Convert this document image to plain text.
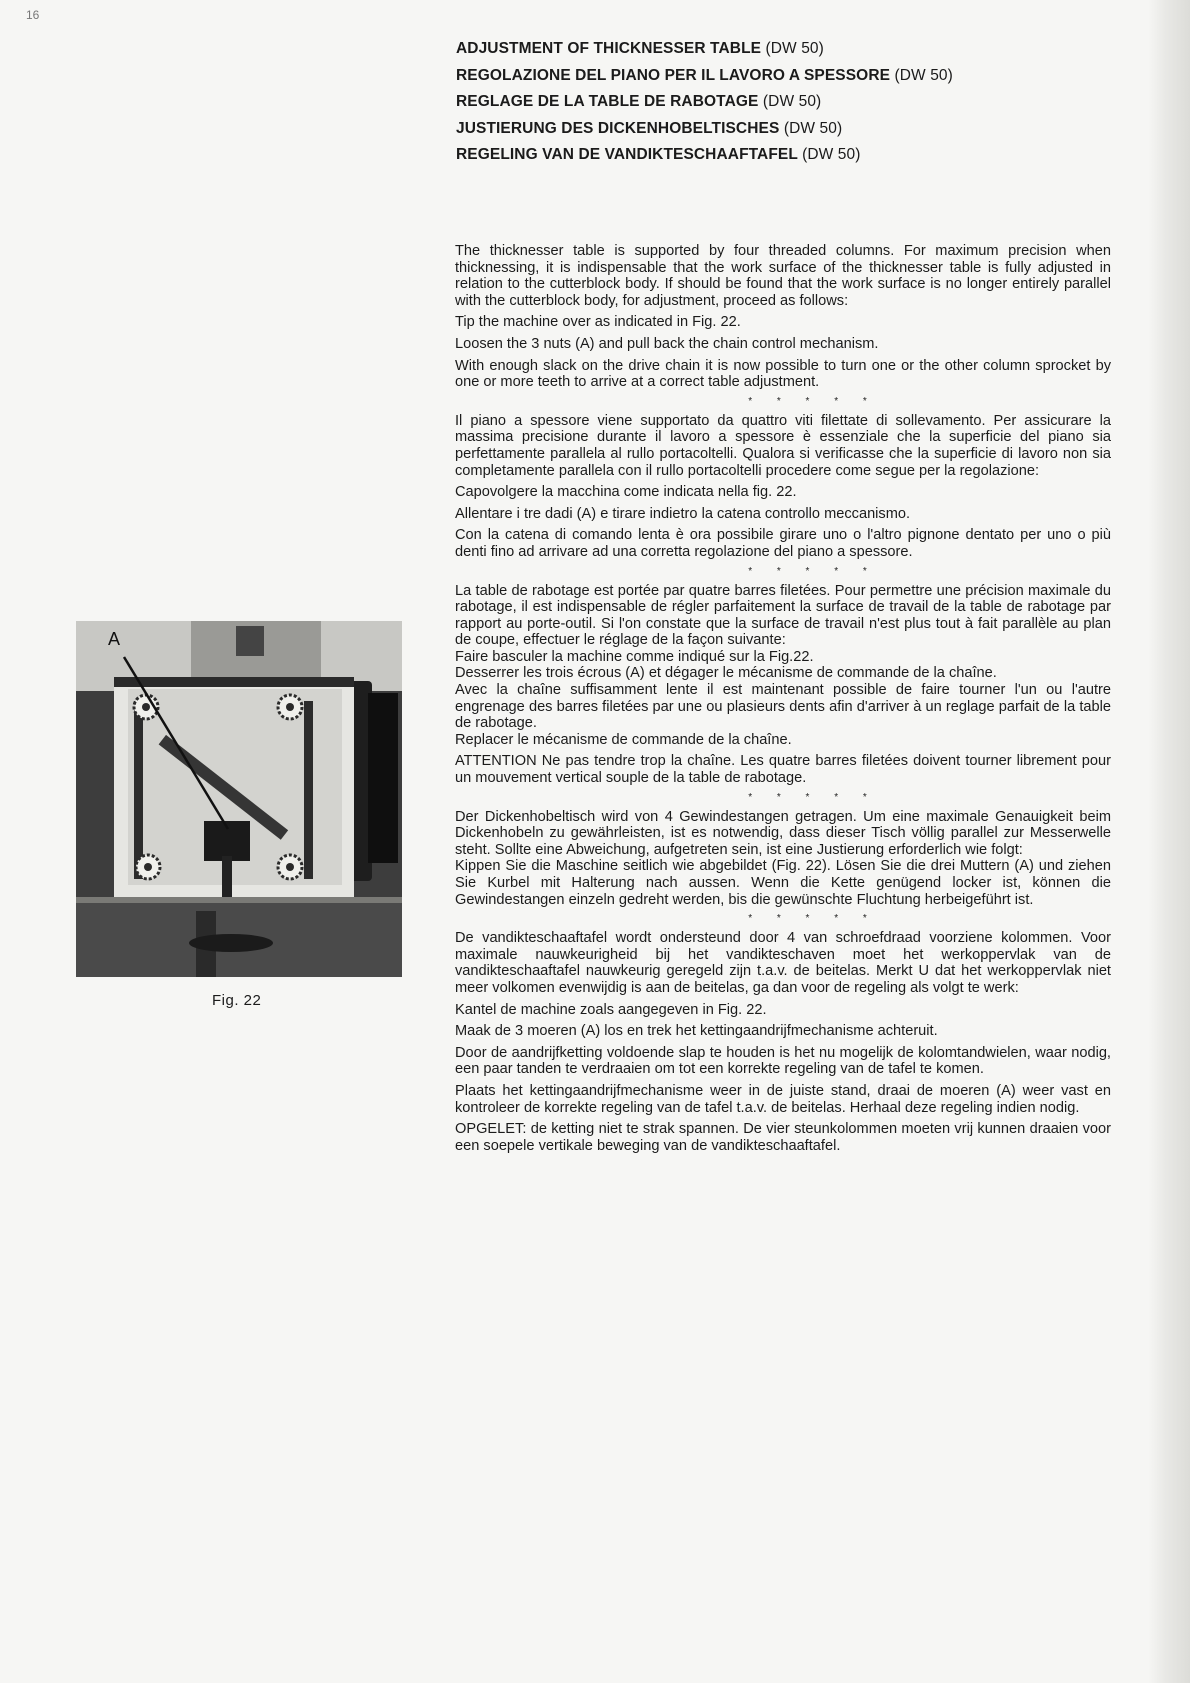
16
ADJUSTMENT OF THICKNESSER TABLE (DW 50)
REGOLAZIONE DEL PIANO PER IL LAVORO A SPESSORE (DW 50)
REGLAGE DE LA TABLE DE RABOTAGE (DW 50)
JUSTIERUNG DES DICKENHOBELTISCHES (DW 50)
REGELING VAN DE VANDIKTESCHAAFTAFEL (DW 50)

The thicknesser table is supported by four threaded columns. For maximum precision when thicknessing, it is indispensable that the work surface of the thicknesser table is fully adjusted in relation to the cutterblock body. If should be found that the work surface is no longer entirely parallel with the cutterblock body, for adjustment, proceed as follows:

Tip the machine over as indicated in Fig. 22.

Loosen the 3 nuts (A) and pull back the chain control mechanism.

With enough slack on the drive chain it is now possible to turn one or the other column sprocket by one or more teeth to arrive at a correct table adjustment.

* * * * *

Il piano a spessore viene supportato da quattro viti filettate di sollevamento. Per assicurare la massima precisione durante il lavoro a spessore è essenziale che la superficie del piano sia perfettamente parallela al rullo portacoltelli. Qualora si verificasse che la superficie di lavoro non sia completamente parallela con il rullo portacoltelli procedere come segue per la regolazione:

Capovolgere la macchina come indicata nella fig. 22.

Allentare i tre dadi (A) e tirare indietro la catena controllo meccanismo.

Con la catena di comando lenta è ora possibile girare uno o l'altro pignone dentato per uno o più denti fino ad arrivare ad una corretta regolazione del piano a spessore.

* * * * *

La table de rabotage est portée par quatre barres filetées. Pour permettre une précision maximale du rabotage, il est indispensable de régler parfaitement la surface de travail de la table de rabotage par rapport au porte-outil. Si l'on constate que la surface de travail n'est plus tout à fait parallèle au plan de coupe, effectuer le réglage de la façon suivante:

Faire basculer la machine comme indiqué sur la Fig.22.

Desserrer les trois écrous (A) et dégager le mécanisme de commande de la chaîne.

Avec la chaîne suffisamment lente il est maintenant possible de faire tourner l'un ou l'autre engrenage des barres filetées par une ou plasieurs dents afin d'arriver à un reglage parfait de la table de rabotage.

Replacer le mécanisme de commande de la chaîne.

ATTENTION Ne pas tendre trop la chaîne. Les quatre barres filetées doivent tourner librement pour un mouvement vertical souple de la table de rabotage.

* * * * *

Der Dickenhobeltisch wird von 4 Gewindestangen getragen. Um eine maximale Genauigkeit beim Dickenhobeln zu gewährleisten, ist es notwendig, dass dieser Tisch völlig parallel zur Messerwelle steht. Sollte eine Abweichung, aufgetreten sein, ist eine Justierung erforderlich wie folgt:

Kippen Sie die Maschine seitlich wie abgebildet (Fig. 22). Lösen Sie die drei Muttern (A) und ziehen Sie Kurbel mit Halterung nach aussen. Wenn die Kette genügend locker ist, können die Gewindestangen einzeln gedreht werden, bis die gewünschte Fluchtung herbeigeführt ist.

* * * * *

De vandikteschaaftafel wordt ondersteund door 4 van schroefdraad voorziene kolommen. Voor maximale nauwkeurigheid bij het vandikteschaven moet het werkoppervlak van de vandikteschaaftafel nauwkeurig geregeld zijn t.a.v. de beitelas. Merkt U dat het werkoppervlak niet meer volkomen evenwijdig is aan de beitelas, ga dan voor de regeling als volgt te werk:

Kantel de machine zoals aangegeven in Fig. 22.

Maak de 3 moeren (A) los en trek het kettingaandrijfmechanisme achteruit.

Door de aandrijfketting voldoende slap te houden is het nu mogelijk de kolomtandwielen, waar nodig, een paar tanden te verdraaien om tot een korrekte regeling van de tafel te komen.

Plaats het kettingaandrijfmechanisme weer in de juiste stand, draai de moeren (A) weer vast en kontroleer de korrekte regeling van de tafel t.a.v. de beitelas. Herhaal deze regeling indien nodig.

OPGELET: de ketting niet te strak spannen. De vier steunkolommen moeten vrij kunnen draaien voor een soepele vertikale beweging van de vandikteschaaftafel.

A
Fig. 22
